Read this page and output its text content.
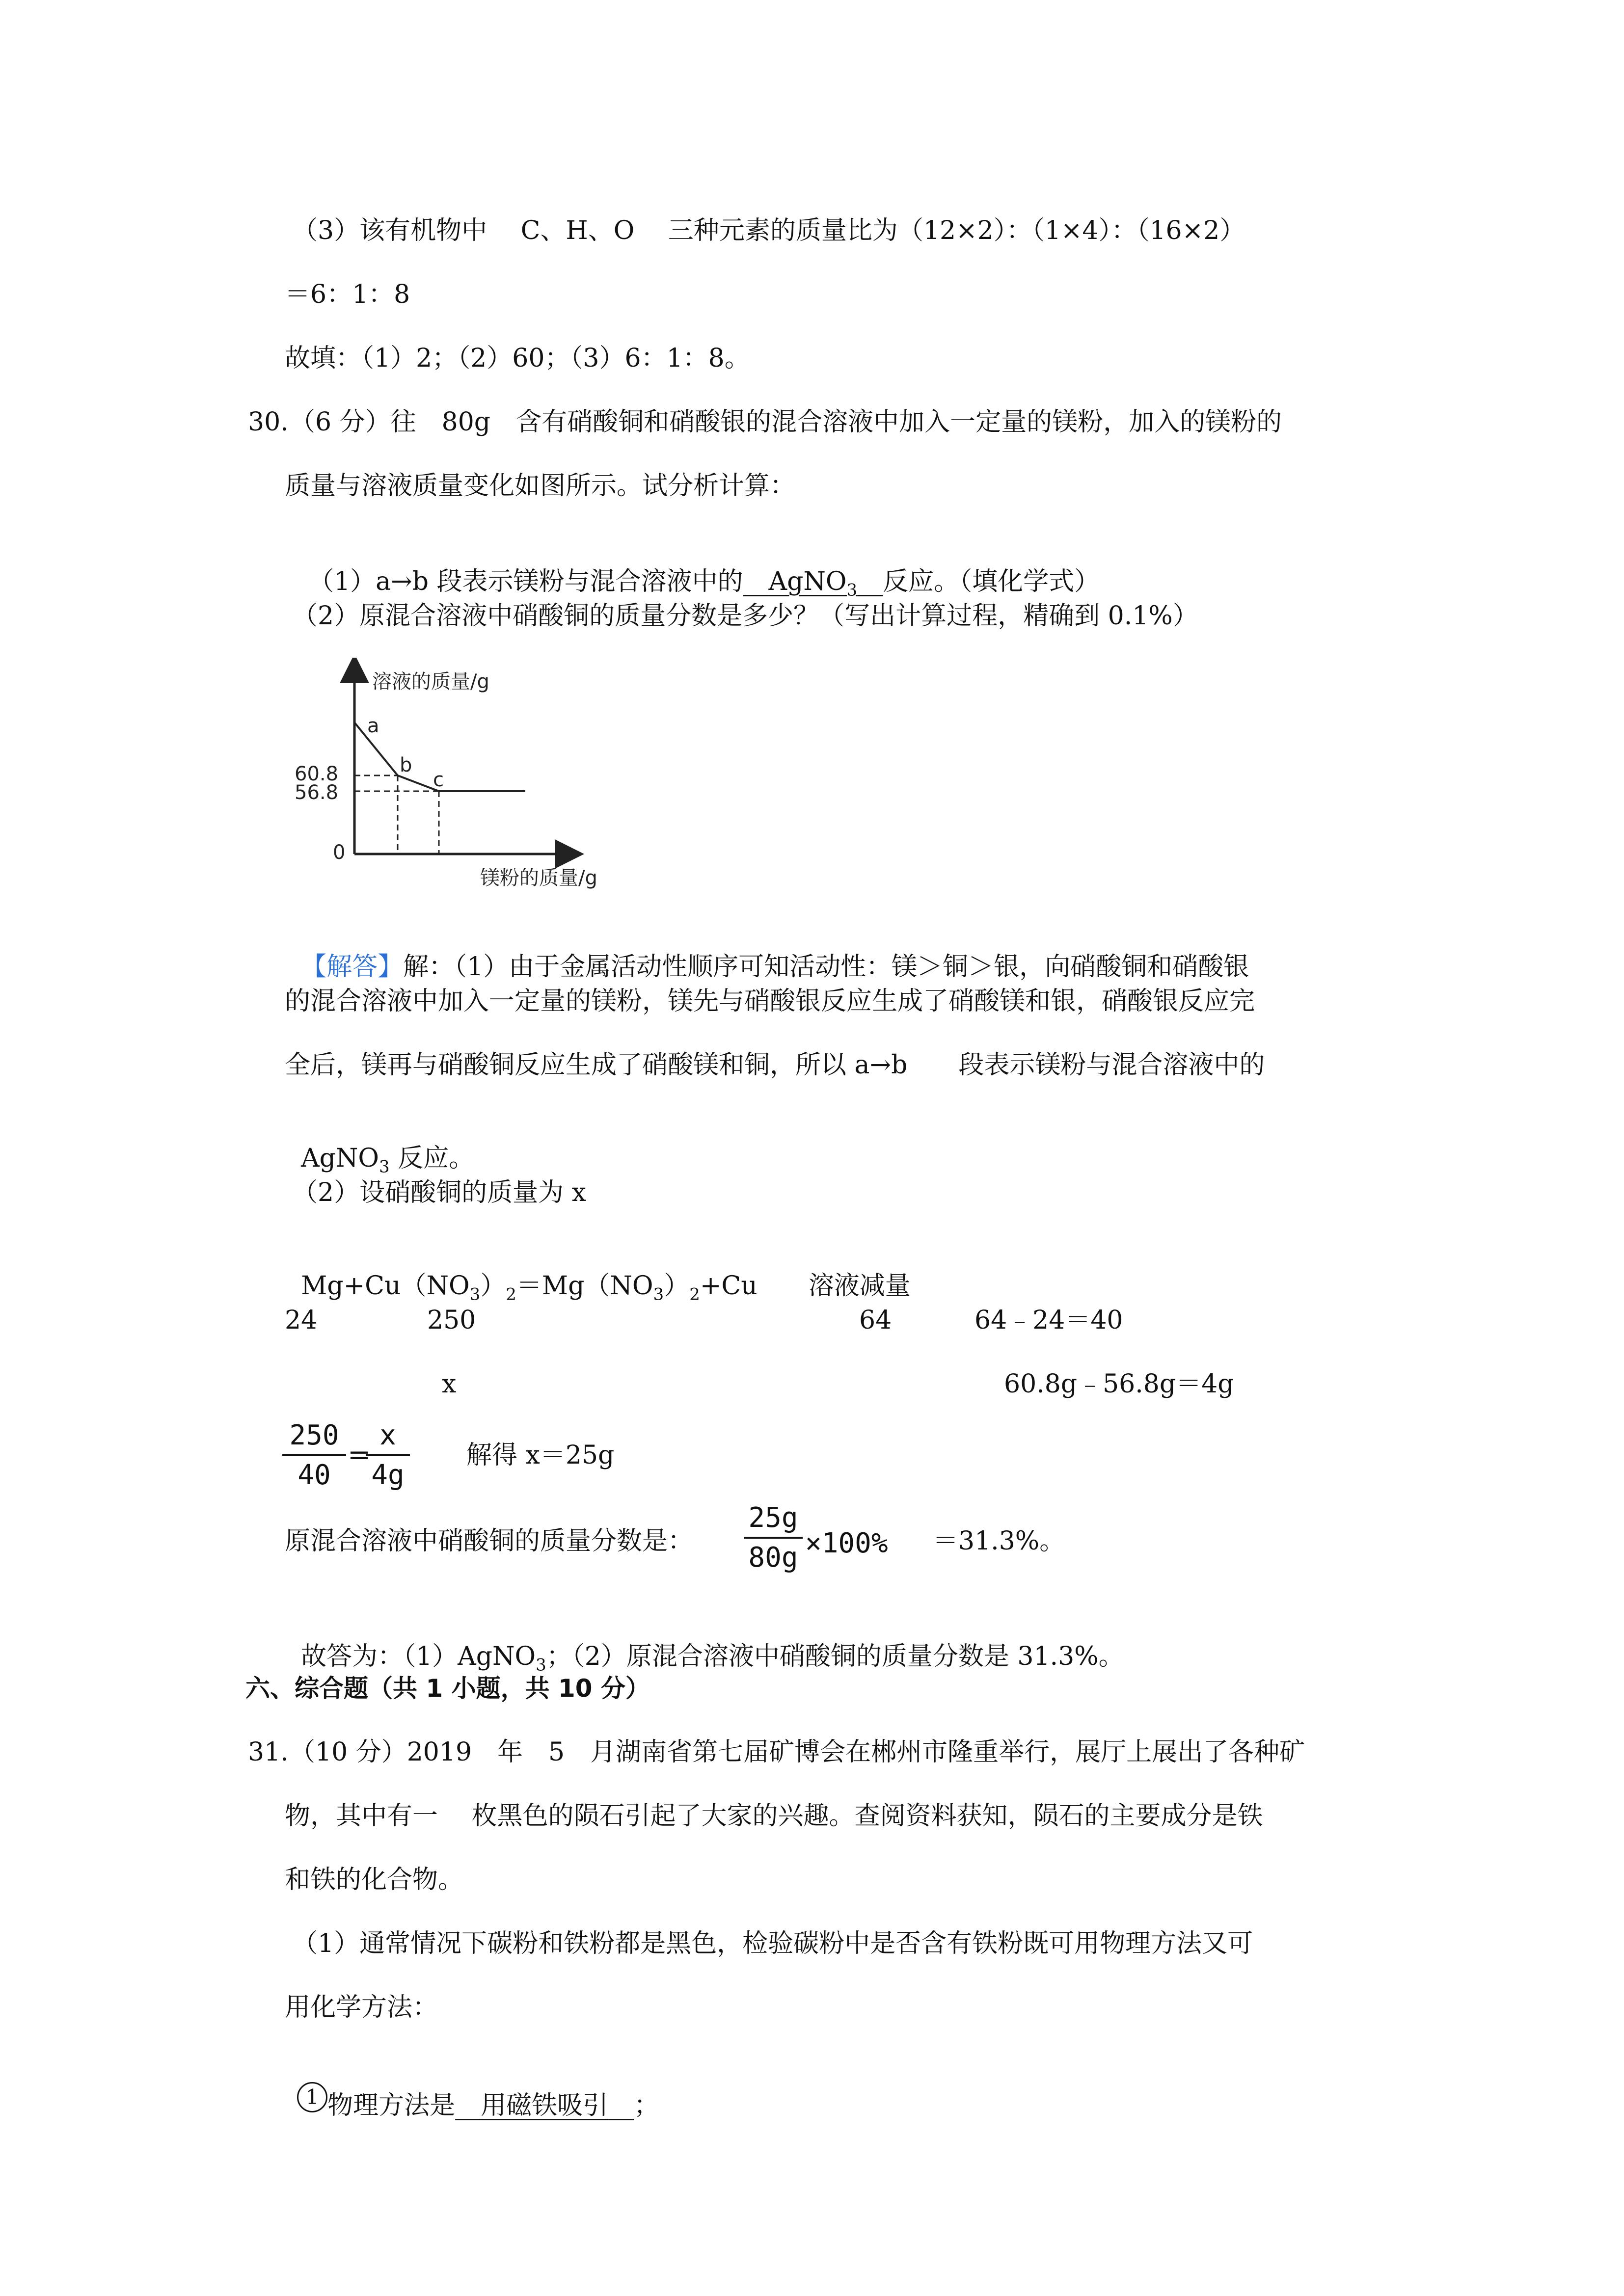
（3）该有机物中　 C、H、O　 三种元素的质量比为（12×2）：（1×4）：（16×2）
＝6：1：8
故填：（1）2；（2）60；（3）6：1：8。
30. （6 分）往　80g　含有硝酸铜和硝酸银的混合溶液中加入一定量的镁粉，加入的镁粉的
质量与溶液质量变化如图所示。试分析计算：

（1）a→b 段表示镁粉与混合溶液中的  AgNO$_3$  反应。（填化学式）

（2）原混合溶液中硝酸铜的质量分数是多少？（写出计算过程，精确到 0.1%）
溶液的质量/g
镁粉的质量/g
0
60.8
56.8
a
b
c

【解答】解：（1）由于金属活动性顺序可知活动性：镁＞铜＞银，向硝酸铜和硝酸银

的混合溶液中加入一定量的镁粉，镁先与硝酸银反应生成了硝酸镁和银，硝酸银反应完
全后，镁再与硝酸铜反应生成了硝酸镁和铜，所以 a→b　　段表示镁粉与混合溶液中的

AgNO$_3$ 反应。

（2）设硝酸铜的质量为 x

$Mg+Cu(NO_3)_2=Mg(NO_3)_2+Cu$　　溶液减量

24	250	64	64﹣24＝40
x	60.8g﹣56.8g＝4g
250
40
=
x
4g
解得 x＝25g
原混合溶液中硝酸铜的质量分数是：
25g
80g ×100% ＝31.3%。

故答为：（1）AgNO$_3$；（2）原混合溶液中硝酸铜的质量分数是 31.3%。

六、综合题（共 1 小题，共 10 分）
31. （10 分）2019　年　5　月湖南省第七届矿博会在郴州市隆重举行，展厅上展出了各种矿
物，其中有一　 枚黑色的陨石引起了大家的兴趣。查阅资料获知，陨石的主要成分是铁
和铁的化合物。
（1）通常情况下碳粉和铁粉都是黑色，检验碳粉中是否含有铁粉既可用物理方法又可
用化学方法：

1 物理方法是  用磁铁吸引  ；
